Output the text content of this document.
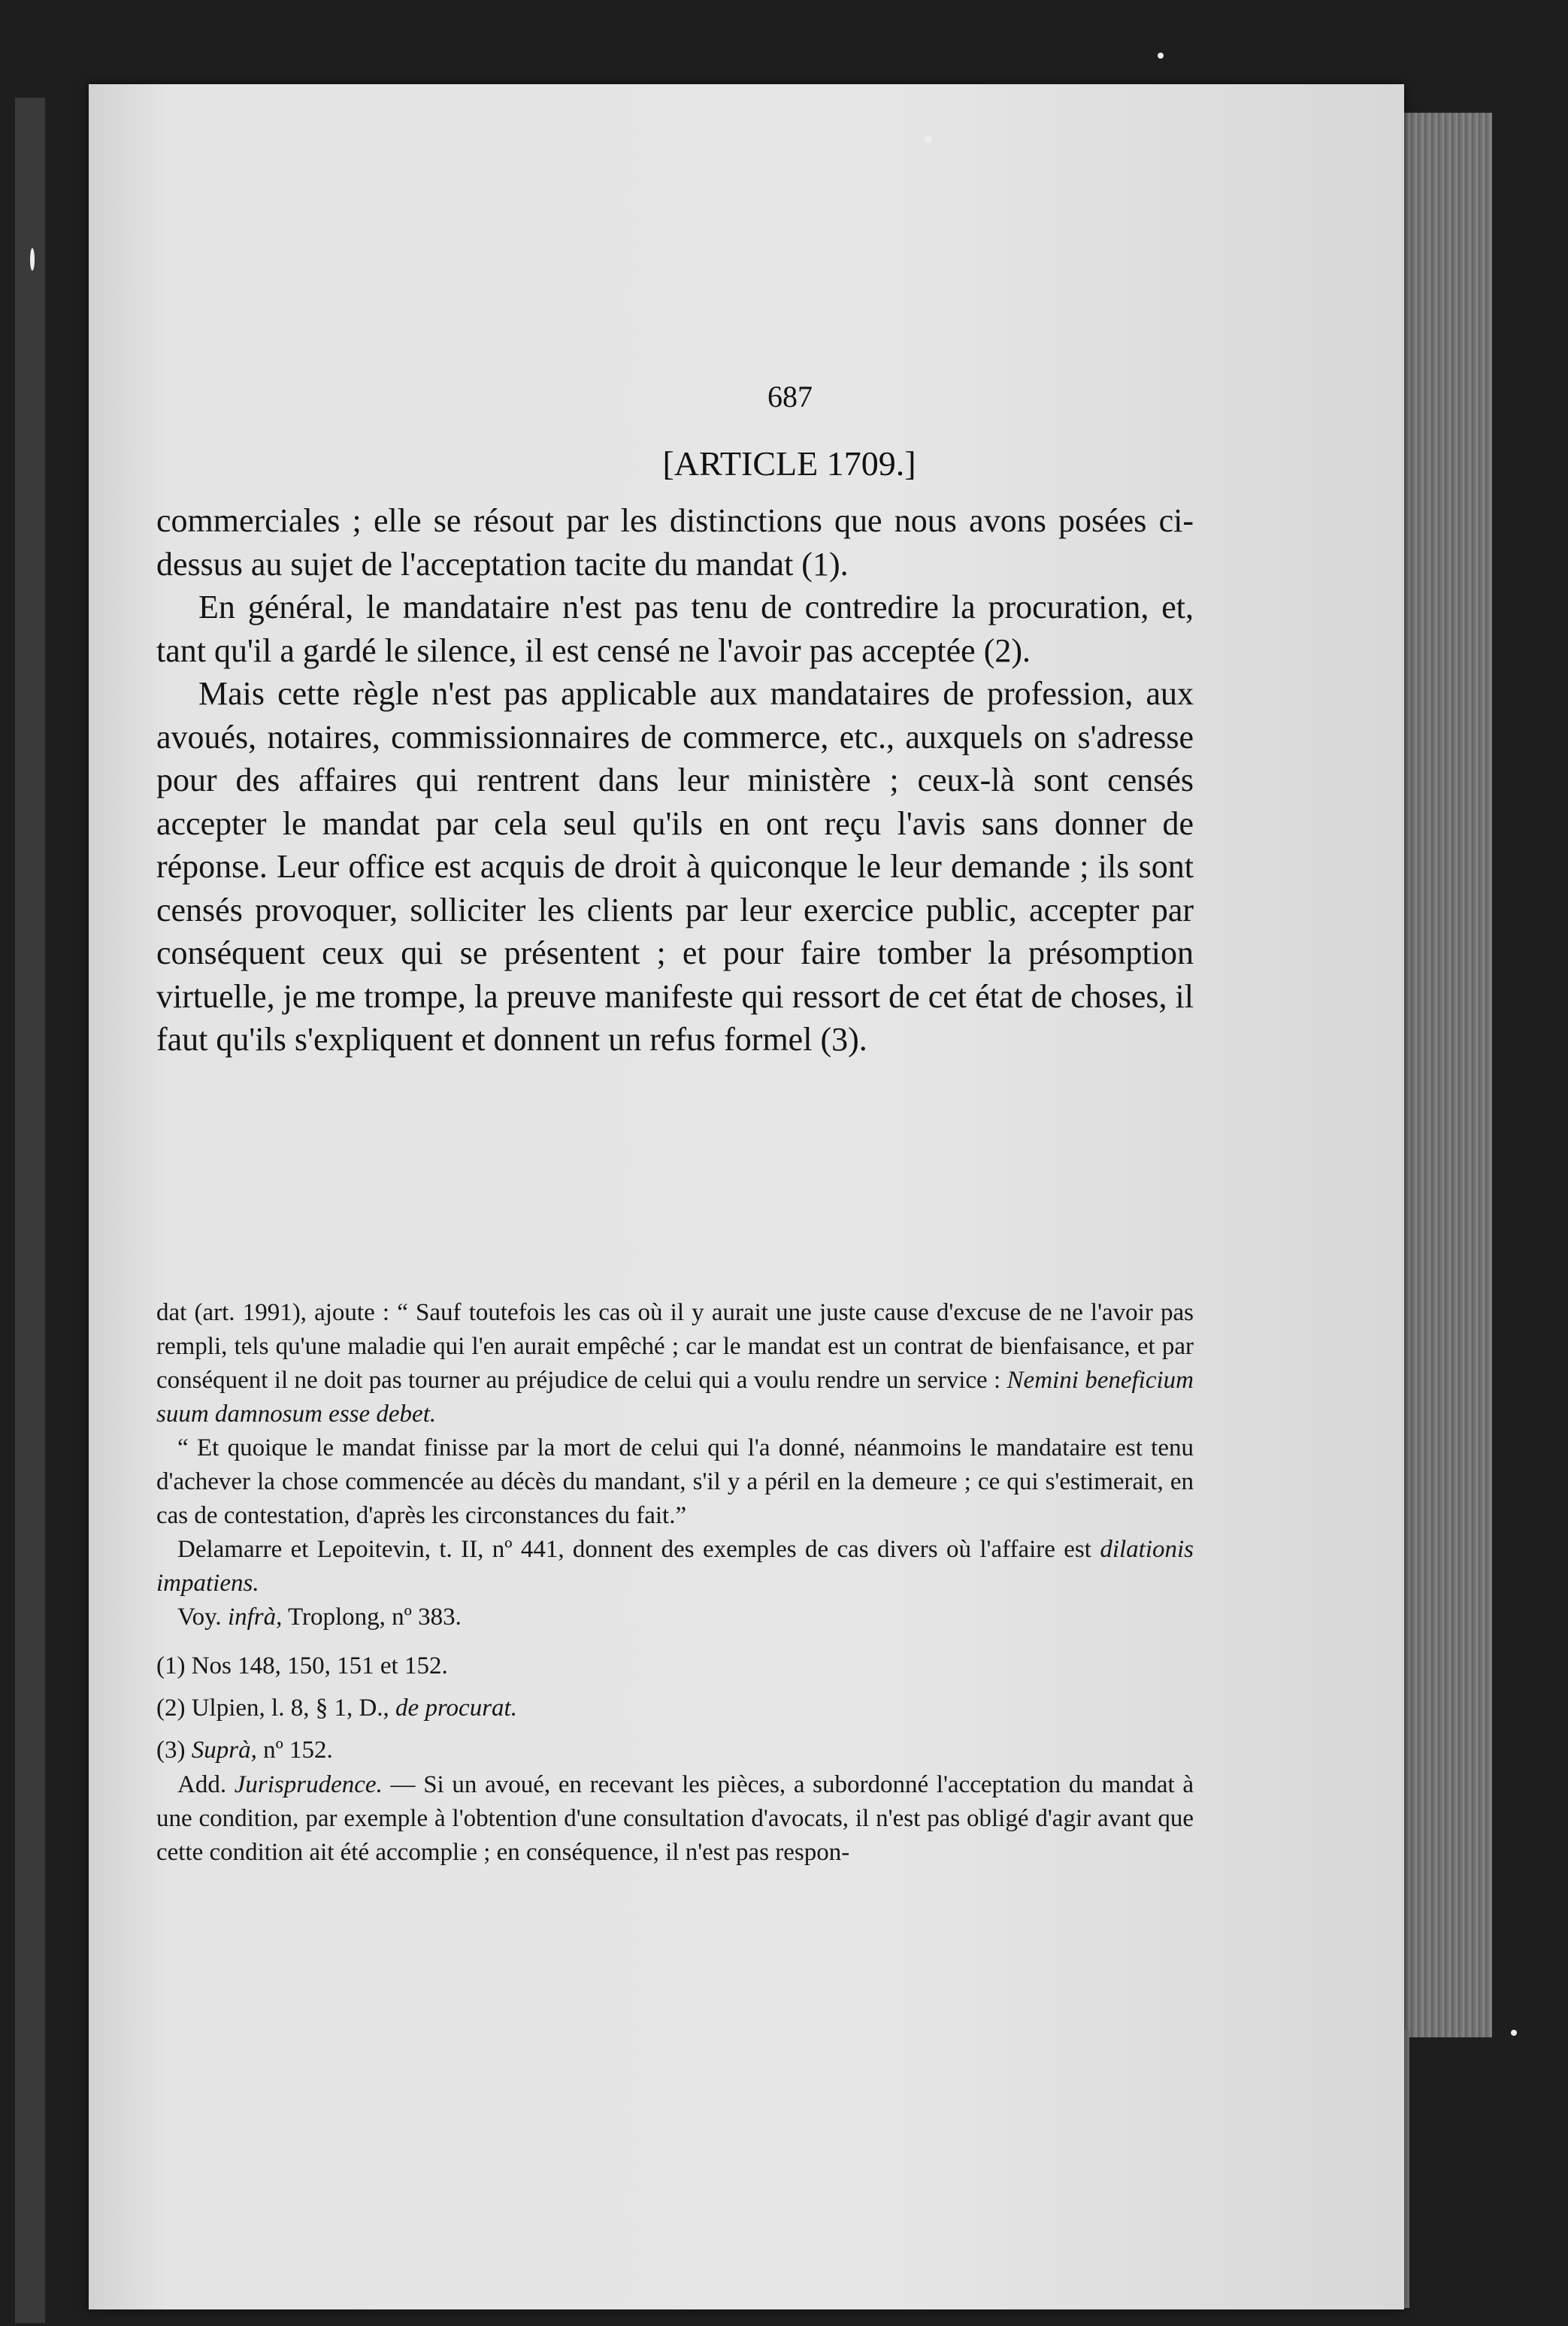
687
[ARTICLE 1709.]

commerciales ; elle se résout par les distinctions que nous avons posées ci-dessus au sujet de l'acceptation tacite du mandat (1).

En général, le mandataire n'est pas tenu de contredire la procuration, et, tant qu'il a gardé le silence, il est censé ne l'avoir pas acceptée (2).

Mais cette règle n'est pas applicable aux mandataires de profession, aux avoués, notaires, commissionnaires de commerce, etc., auxquels on s'adresse pour des affaires qui rentrent dans leur ministère ; ceux-là sont censés accepter le mandat par cela seul qu'ils en ont reçu l'avis sans donner de réponse. Leur office est acquis de droit à quiconque le leur demande ; ils sont censés provoquer, solliciter les clients par leur exercice public, accepter par conséquent ceux qui se présentent ; et pour faire tomber la présomption virtuelle, je me trompe, la preuve manifeste qui ressort de cet état de choses, il faut qu'ils s'expliquent et donnent un refus formel (3).

dat (art. 1991), ajoute : “ Sauf toutefois les cas où il y aurait une juste cause d'excuse de ne l'avoir pas rempli, tels qu'une maladie qui l'en aurait empêché ; car le mandat est un contrat de bienfaisance, et par conséquent il ne doit pas tourner au préjudice de celui qui a voulu rendre un service : Nemini beneficium suum damnosum esse debet.

“ Et quoique le mandat finisse par la mort de celui qui l'a donné, néanmoins le mandataire est tenu d'achever la chose commencée au décès du mandant, s'il y a péril en la demeure ; ce qui s'estimerait, en cas de contestation, d'après les circonstances du fait.”

Delamarre et Lepoitevin, t. II, nº 441, donnent des exemples de cas divers où l'affaire est dilationis impatiens.

Voy. infrà, Troplong, nº 383.

(1) Nos 148, 150, 151 et 152.

(2) Ulpien, l. 8, § 1, D., de procurat.

(3) Suprà, nº 152.

Add. Jurisprudence. — Si un avoué, en recevant les pièces, a subordonné l'acceptation du mandat à une condition, par exemple à l'obtention d'une consultation d'avocats, il n'est pas obligé d'agir avant que cette condition ait été accomplie ; en conséquence, il n'est pas respon-
